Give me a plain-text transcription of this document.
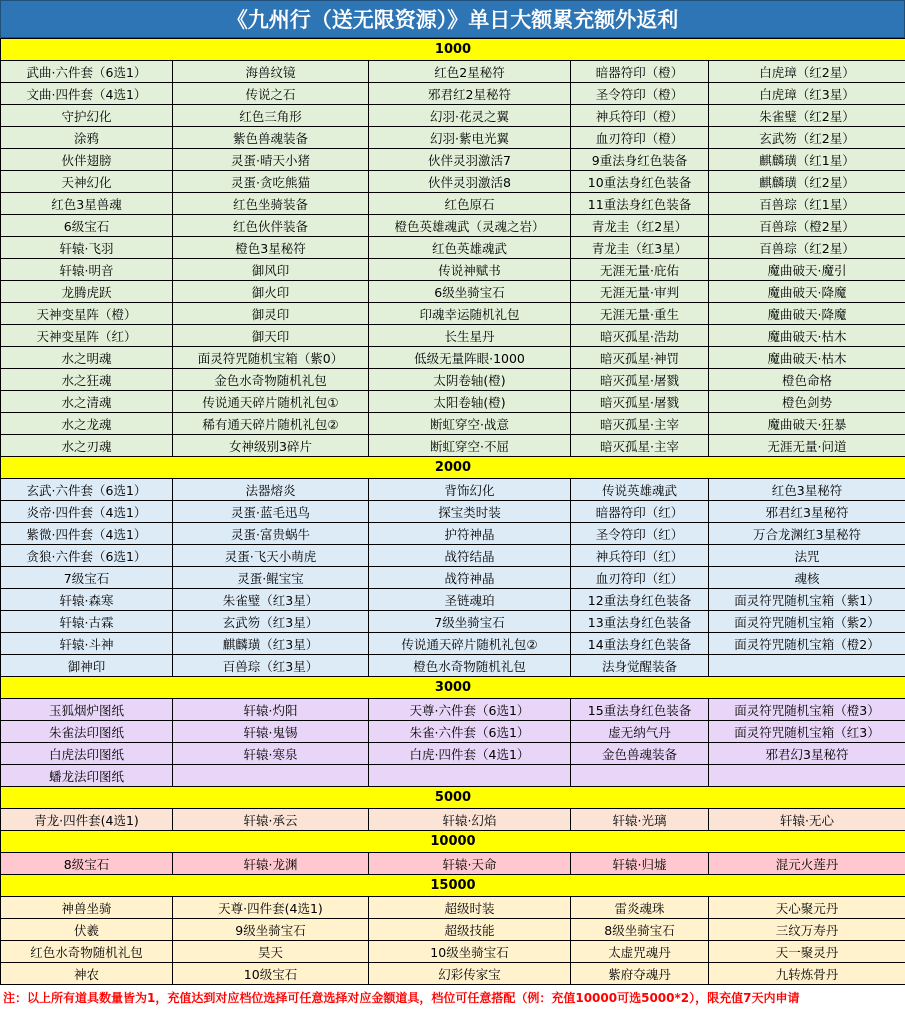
《九州行（送无限资源）》单日大额累充额外返利
1000				
武曲·六件套（6选1）	海兽纹镜	红色2星秘符	暗器符印（橙）	白虎璋（红2星）
文曲·四件套（4选1）	传说之石	邪君红2星秘符	圣令符印（橙）	白虎璋（红3星）
守护幻化	红色三角形	幻羽·花灵之翼	神兵符印（橙）	朱雀璧（红2星）
涂鸦	紫色兽魂装备	幻羽·紫电光翼	血刃符印（橙）	玄武笏（红2星）
伙伴翅膀	灵蛋·晴天小猪	伙伴灵羽激活7	9重法身红色装备	麒麟璜（红1星）
天神幻化	灵蛋·贪吃熊猫	伙伴灵羽激活8	10重法身红色装备	麒麟璜（红2星）
红色3星兽魂	红色坐骑装备	红色原石	11重法身红色装备	百兽琮（红1星）
6级宝石	红色伙伴装备	橙色英雄魂武（灵魂之岩）	青龙圭（红2星）	百兽琮（橙2星）
轩辕·飞羽	橙色3星秘符	红色英雄魂武	青龙圭（红3星）	百兽琮（红2星）
轩辕·明音	御风印	传说神赋书	无涯无量·庇佑	魔曲破天·魔引
龙腾虎跃	御火印	6级坐骑宝石	无涯无量·审判	魔曲破天·降魔
天神变星阵（橙）	御灵印	印魂幸运随机礼包	无涯无量·重生	魔曲破天·降魔
天神变星阵（红）	御天印	长生星丹	暗灭孤星·浩劫	魔曲破天·枯木
水之明魂	面灵符咒随机宝箱（紫0）	低级无量阵眼·1000	暗灭孤星·神罚	魔曲破天·枯木
水之狂魂	金色水奇物随机礼包	太阴卷轴(橙)	暗灭孤星·屠戮	橙色命格
水之清魂	传说通天碎片随机礼包①	太阳卷轴(橙)	暗灭孤星·屠戮	橙色剑势
水之龙魂	稀有通天碎片随机礼包②	断虹穿空·战意	暗灭孤星·主宰	魔曲破天·狂暴
水之刃魂	女神级别3碎片	断虹穿空·不屈	暗灭孤星·主宰	无涯无量·问道
2000				
玄武·六件套（6选1）	法器熔炎	背饰幻化	传说英雄魂武	红色3星秘符
炎帝·四件套（4选1）	灵蛋·蓝毛迅鸟	探宝类时装	暗器符印（红）	邪君红3星秘符
紫微·四件套（4选1）	灵蛋·富贵蜗牛	护符神晶	圣令符印（红）	万合龙渊红3星秘符
贪狼·六件套（6选1）	灵蛋·飞天小萌虎	战符结晶	神兵符印（红）	法咒
7级宝石	灵蛋·鲲宝宝	战符神晶	血刃符印（红）	魂核
轩辕·森寒	朱雀璧（红3星）	圣链魂珀	12重法身红色装备	面灵符咒随机宝箱（紫1）
轩辕·古霖	玄武笏（红3星）	7级坐骑宝石	13重法身红色装备	面灵符咒随机宝箱（紫2）
轩辕·斗神	麒麟璜（红3星）	传说通天碎片随机礼包②	14重法身红色装备	面灵符咒随机宝箱（橙2）
御神印	百兽琮（红3星）	橙色水奇物随机礼包	法身觉醒装备	
3000				
玉狐烟炉图纸	轩辕·灼阳	天尊·六件套（6选1）	15重法身红色装备	面灵符咒随机宝箱（橙3）
朱雀法印图纸	轩辕·鬼锡	朱雀·六件套（6选1）	虚无纳气丹	面灵符咒随机宝箱（红3）
白虎法印图纸	轩辕·寒泉	白虎·四件套（4选1）	金色兽魂装备	邪君幻3星秘符
蟠龙法印图纸				
5000				
青龙·四件套(4选1)	轩辕·承云	轩辕·幻焰	轩辕·光璃	轩辕·无心
10000				
8级宝石	轩辕·龙渊	轩辕·天命	轩辕·归墟	混元火莲丹
15000				
神兽坐骑	天尊·四件套(4选1)	超级时装	雷炎魂珠	天心聚元丹
伏羲	9级坐骑宝石	超级技能	8级坐骑宝石	三纹万寿丹
红色水奇物随机礼包	昊天	10级坐骑宝石	太虚咒魂丹	天一聚灵丹
神农	10级宝石	幻彩传家宝	紫府夺魂丹	九转炼骨丹
注：以上所有道具数量皆为1，充值达到对应档位选择可任意选择对应金额道具，档位可任意搭配（例：充值10000可选5000*2），限充值7天内申请
